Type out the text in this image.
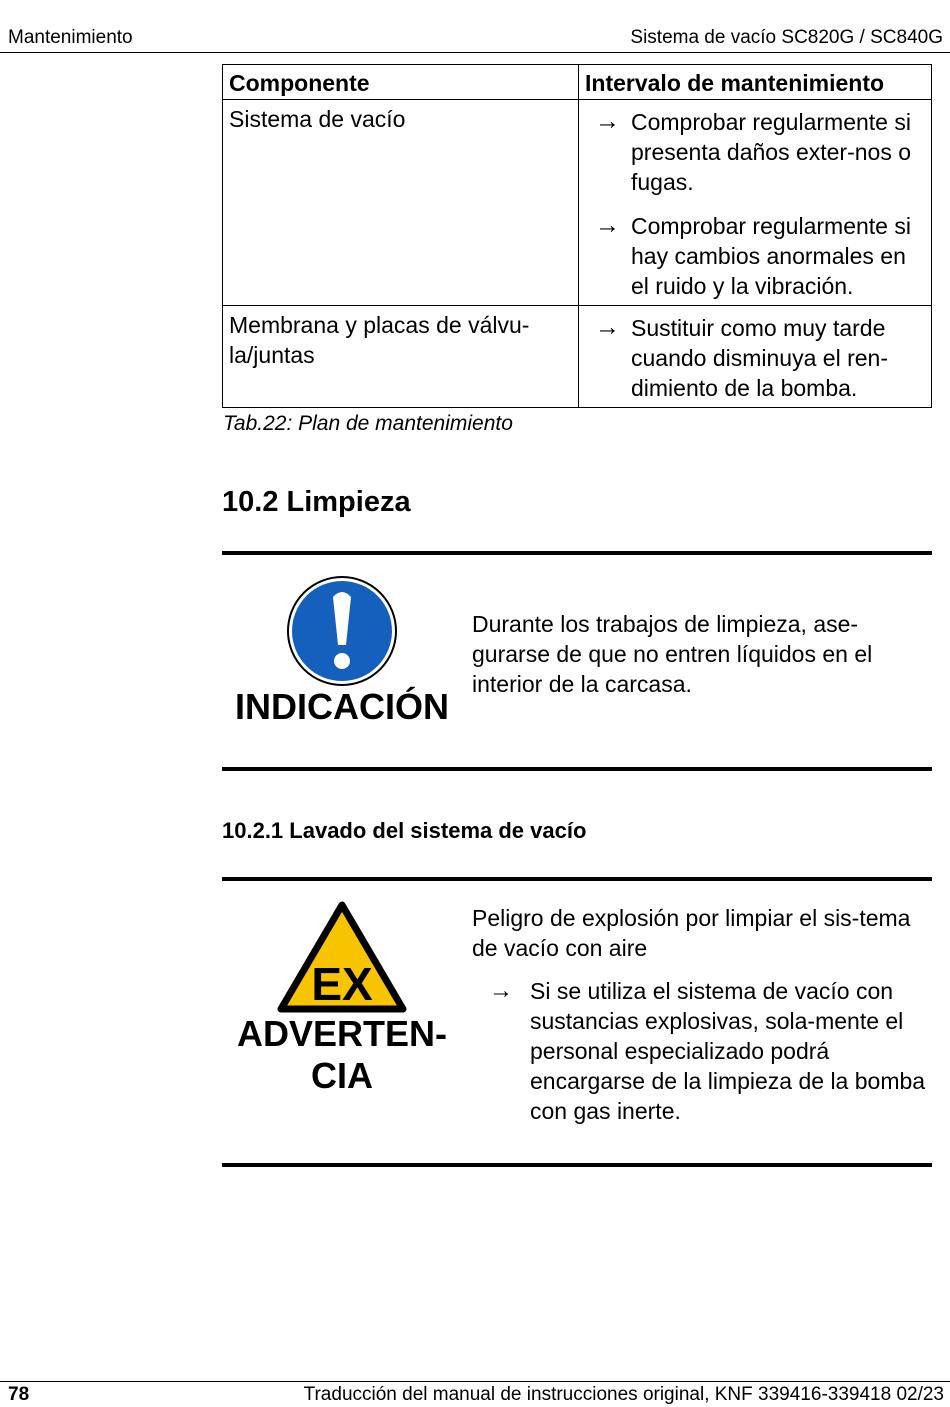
Mantenimiento	Sistema de vacío SC820G / SC840G
Componente	Intervalo de mantenimiento
Sistema de vacío	→ Comprobar regularmente si presenta daños exter-nos o fugas.
→ Comprobar regularmente si hay cambios anormales en el ruido y la vibración.

Membrana y placas de válvu-la/juntas	→ Sustituir como muy tarde cuando disminuya el ren-dimiento de la bomba.
Tab.22: Plan de mantenimiento
10.2 Limpieza
INDICACIÓN
Durante los trabajos de limpieza, ase-gurarse de que no entren líquidos en el interior de la carcasa.
10.2.1 Lavado del sistema de vacío
EX
ADVERTEN-CIA
Peligro de explosión por limpiar el sis-tema de vacío con aire
→ Si se utiliza el sistema de vacío con sustancias explosivas, sola-mente el personal especializado podrá encargarse de la limpieza de la bomba con gas inerte.
78	Traducción del manual de instrucciones original, KNF 339416-339418 02/23
